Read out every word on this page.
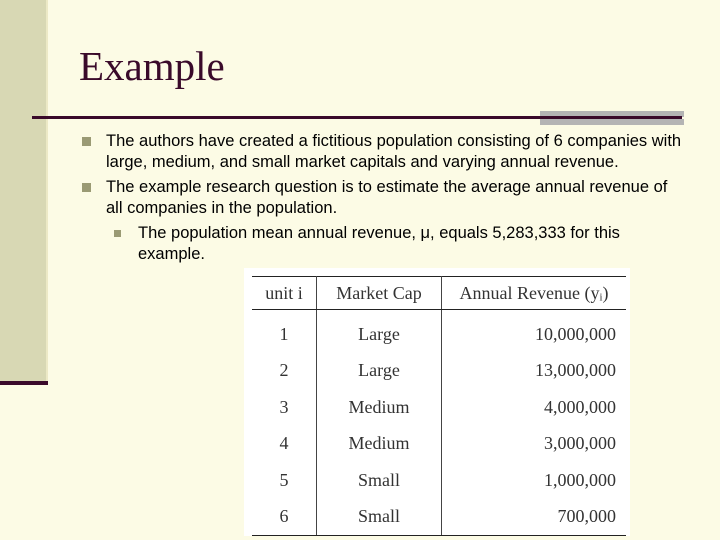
Example
The authors have created a fictitious population consisting of 6 companies with large, medium, and small market capitals and varying annual revenue.
The example research question is to estimate the average annual revenue of all companies in the population.
The population mean annual revenue, μ, equals 5,283,333 for this example.
unit i	Market Cap	Annual Revenue (yᵢ)
1	Large	10,000,000
2	Large	13,000,000
3	Medium	4,000,000
4	Medium	3,000,000
5	Small	1,000,000
6	Small	700,000
